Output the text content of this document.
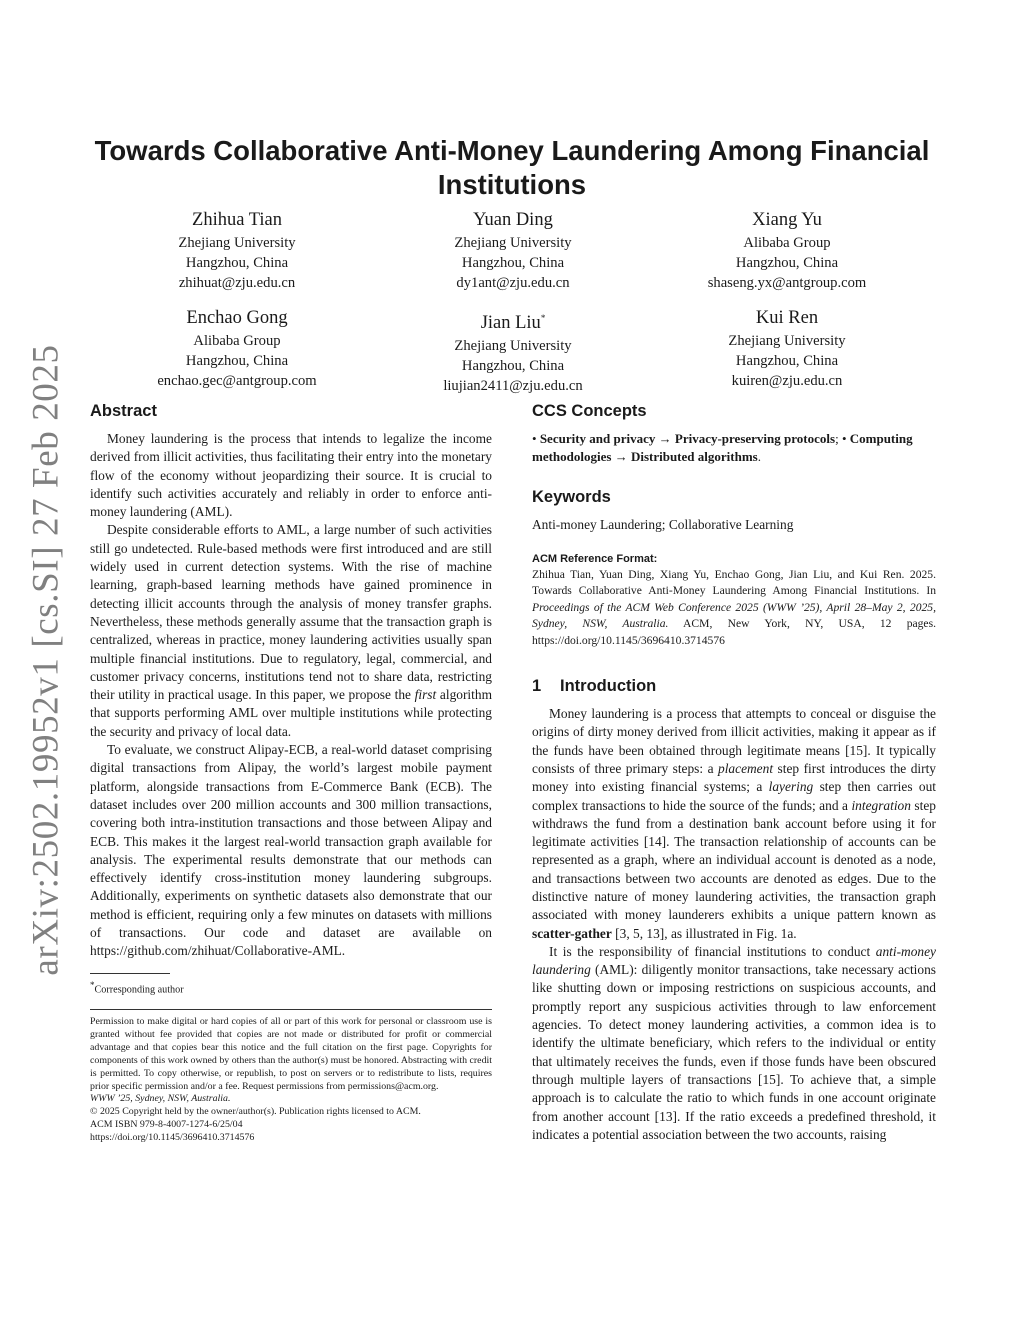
arXiv:2502.19952v1 [cs.SI] 27 Feb 2025
Towards Collaborative Anti-Money Laundering Among Financial Institutions
Zhihua Tian
Zhejiang University
Hangzhou, China
zhihuat@zju.edu.cn
Yuan Ding
Zhejiang University
Hangzhou, China
dy1ant@zju.edu.cn
Xiang Yu
Alibaba Group
Hangzhou, China
shaseng.yx@antgroup.com
Enchao Gong
Alibaba Group
Hangzhou, China
enchao.gec@antgroup.com
Jian Liu*
Zhejiang University
Hangzhou, China
liujian2411@zju.edu.cn
Kui Ren
Zhejiang University
Hangzhou, China
kuiren@zju.edu.cn
Abstract

Money laundering is the process that intends to legalize the income derived from illicit activities, thus facilitating their entry into the monetary flow of the economy without jeopardizing their source. It is crucial to identify such activities accurately and reliably in order to enforce anti-money laundering (AML).

Despite considerable efforts to AML, a large number of such activities still go undetected. Rule-based methods were first introduced and are still widely used in current detection systems. With the rise of machine learning, graph-based learning methods have gained prominence in detecting illicit accounts through the analysis of money transfer graphs. Nevertheless, these methods generally assume that the transaction graph is centralized, whereas in practice, money laundering activities usually span multiple financial institutions. Due to regulatory, legal, commercial, and customer privacy concerns, institutions tend not to share data, restricting their utility in practical usage. In this paper, we propose the first algorithm that supports performing AML over multiple institutions while protecting the security and privacy of local data.

To evaluate, we construct Alipay-ECB, a real-world dataset comprising digital transactions from Alipay, the world’s largest mobile payment platform, alongside transactions from E-Commerce Bank (ECB). The dataset includes over 200 million accounts and 300 million transactions, covering both intra-institution transactions and those between Alipay and ECB. This makes it the largest real-world transaction graph available for analysis. The experimental results demonstrate that our methods can effectively identify cross-institution money laundering subgroups. Additionally, experiments on synthetic datasets also demonstrate that our method is efficient, requiring only a few minutes on datasets with millions of transactions. Our code and dataset are available on https://github.com/zhihuat/Collaborative-AML.

*Corresponding author

Permission to make digital or hard copies of all or part of this work for personal or classroom use is granted without fee provided that copies are not made or distributed for profit or commercial advantage and that copies bear this notice and the full citation on the first page. Copyrights for components of this work owned by others than the author(s) must be honored. Abstracting with credit is permitted. To copy otherwise, or republish, to post on servers or to redistribute to lists, requires prior specific permission and/or a fee. Request permissions from permissions@acm.org.

WWW ’25, Sydney, NSW, Australia.

© 2025 Copyright held by the owner/author(s). Publication rights licensed to ACM.

ACM ISBN 979-8-4007-1274-6/25/04

https://doi.org/10.1145/3696410.3714576

CCS Concepts

• Security and privacy → Privacy-preserving protocols; • Computing methodologies → Distributed algorithms.

Keywords

Anti-money Laundering; Collaborative Learning

ACM Reference Format:

Zhihua Tian, Yuan Ding, Xiang Yu, Enchao Gong, Jian Liu, and Kui Ren. 2025. Towards Collaborative Anti-Money Laundering Among Financial Institutions. In Proceedings of the ACM Web Conference 2025 (WWW ’25), April 28–May 2, 2025, Sydney, NSW, Australia. ACM, New York, NY, USA, 12 pages. https://doi.org/10.1145/3696410.3714576

1 Introduction

Money laundering is a process that attempts to conceal or disguise the origins of dirty money derived from illicit activities, making it appear as if the funds have been obtained through legitimate means [15]. It typically consists of three primary steps: a placement step first introduces the dirty money into existing financial systems; a layering step then carries out complex transactions to hide the source of the funds; and a integration step withdraws the fund from a destination bank account before using it for legitimate activities [14]. The transaction relationship of accounts can be represented as a graph, where an individual account is denoted as a node, and transactions between two accounts are denoted as edges. Due to the distinctive nature of money laundering activities, the transaction graph associated with money launderers exhibits a unique pattern known as scatter-gather [3, 5, 13], as illustrated in Fig. 1a.

It is the responsibility of financial institutions to conduct anti-money laundering (AML): diligently monitor transactions, take necessary actions like shutting down or imposing restrictions on suspicious accounts, and promptly report any suspicious activities through to law enforcement agencies. To detect money laundering activities, a common idea is to identify the ultimate beneficiary, which refers to the individual or entity that ultimately receives the funds, even if those funds have been obscured through multiple layers of transactions [15]. To achieve that, a simple approach is to calculate the ratio to which funds in one account originate from another account [13]. If the ratio exceeds a predefined threshold, it indicates a potential association between the two accounts, raising
